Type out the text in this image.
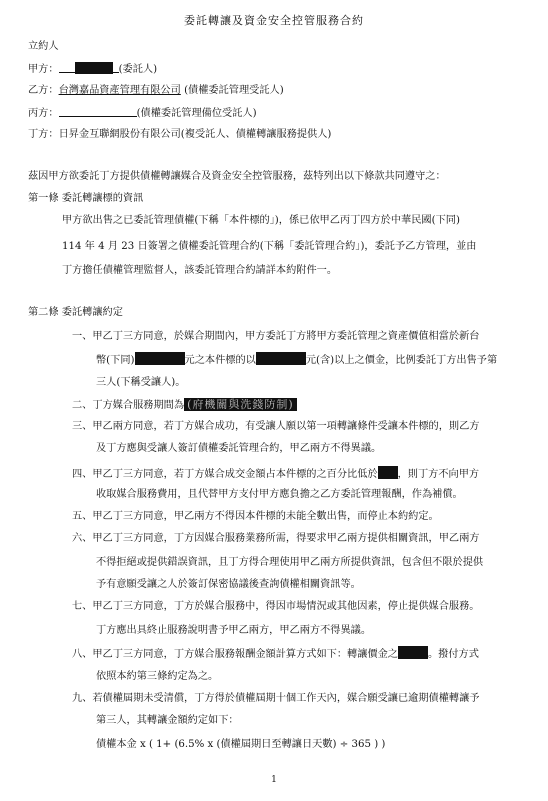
委託轉讓及資金安全控管服務合約
立約人
甲方：	(委託人)
乙方：台灣嘉品資產管理有限公司 (債權委託管理受託人)
丙方：	(債權委託管理備位受託人)
丁方：日昇金互聯網股份有限公司(複受託人、債權轉讓服務提供人)
茲因甲方欲委託丁方提供債權轉讓媒合及資金安全控管服務，茲特列出以下條款共同遵守之：
第一條 委託轉讓標的資訊
甲方欲出售之已委託管理債權(下稱「本件標的」)，係已依甲乙丙丁四方於中華民國(下同)
114 年 4 月 23 日簽署之債權委託管理合約(下稱「委託管理合約」)，委託予乙方管理，並由
丁方擔任債權管理監督人，該委託管理合約請詳本約附件一。
第二條 委託轉讓約定
一、甲乙丁三方同意，於媒合期間內，甲方委託丁方將甲方委託管理之資產價值相當於新台
幣(下同)	元之本件標的以	元(含)以上之價金，比例委託丁方出售予第
三人(下稱受讓人)。
二、丁方媒合服務期間為 (府機關與洗錢防制)
三、甲乙兩方同意，若丁方媒合成功，有受讓人願以第一項轉讓條件受讓本件標的，則乙方
及丁方應與受讓人簽訂債權委託管理合約，甲乙兩方不得異議。
四、甲乙丁三方同意，若丁方媒合成交金額占本件標的之百分比低於 ，則丁方不向甲方
收取媒合服務費用，且代替甲方支付甲方應負擔之乙方委託管理報酬，作為補償。
五、甲乙丁三方同意，甲乙兩方不得因本件標的未能全數出售，而停止本約約定。
六、甲乙丁三方同意，丁方因媒合服務業務所需，得要求甲乙兩方提供相關資訊，甲乙兩方
不得拒絕或提供錯誤資訊，且丁方得合理使用甲乙兩方所提供資訊，包含但不限於提供
予有意願受讓之人於簽訂保密協議後查詢債權相關資訊等。
七、甲乙丁三方同意，丁方於媒合服務中，得因市場情況或其他因素，停止提供媒合服務。
丁方應出具終止服務說明書予甲乙兩方，甲乙兩方不得異議。
八、甲乙丁三方同意，丁方媒合服務報酬金額計算方式如下：轉讓價金之	。撥付方式
依照本約第三條約定為之。
九、若債權屆期未受清償，丁方得於債權屆期十個工作天內，媒合願受讓已逾期債權轉讓予
第三人，其轉讓金額約定如下：
債權本金 x ( 1+ (6.5% x (債權屆期日至轉讓日天數) ÷ 365 ) )
1
